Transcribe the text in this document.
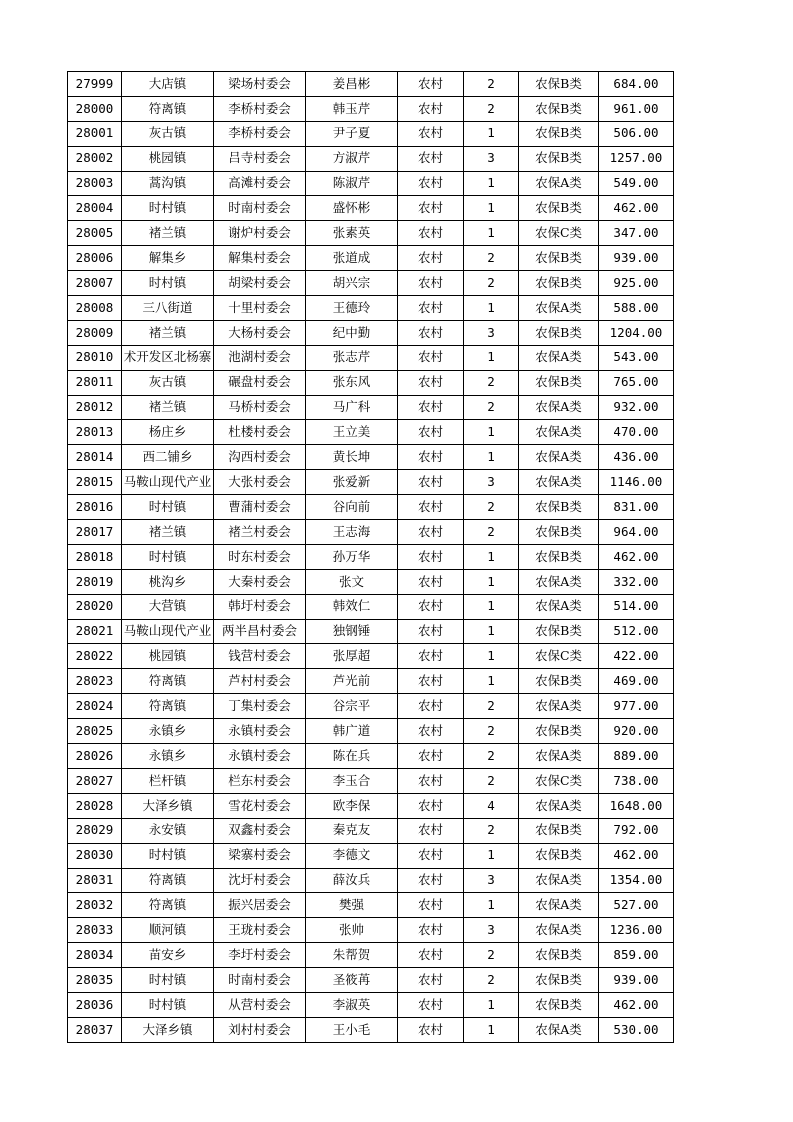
27999	大店镇	梁场村委会	姜昌彬	农村	2	农保B类	684.00
28000	符离镇	李桥村委会	韩玉芹	农村	2	农保B类	961.00
28001	灰古镇	李桥村委会	尹子夏	农村	1	农保B类	506.00
28002	桃园镇	吕寺村委会	方淑芹	农村	3	农保B类	1257.00
28003	蒿沟镇	高滩村委会	陈淑芹	农村	1	农保A类	549.00
28004	时村镇	时南村委会	盛怀彬	农村	1	农保B类	462.00
28005	褚兰镇	谢炉村委会	张素英	农村	1	农保C类	347.00
28006	解集乡	解集村委会	张道成	农村	2	农保B类	939.00
28007	时村镇	胡梁村委会	胡兴宗	农村	2	农保B类	925.00
28008	三八街道	十里村委会	王德玲	农村	1	农保A类	588.00
28009	褚兰镇	大杨村委会	纪中勤	农村	3	农保B类	1204.00
28010	术开发区北杨寨	池湖村委会	张志芹	农村	1	农保A类	543.00
28011	灰古镇	碾盘村委会	张东风	农村	2	农保B类	765.00
28012	褚兰镇	马桥村委会	马广科	农村	2	农保A类	932.00
28013	杨庄乡	杜楼村委会	王立美	农村	1	农保A类	470.00
28014	西二铺乡	沟西村委会	黄长坤	农村	1	农保A类	436.00
28015	马鞍山现代产业	大张村委会	张爱新	农村	3	农保A类	1146.00
28016	时村镇	曹蒲村委会	谷向前	农村	2	农保B类	831.00
28017	褚兰镇	褚兰村委会	王志海	农村	2	农保B类	964.00
28018	时村镇	时东村委会	孙万华	农村	1	农保B类	462.00
28019	桃沟乡	大秦村委会	张文	农村	1	农保A类	332.00
28020	大营镇	韩圩村委会	韩效仁	农村	1	农保A类	514.00
28021	马鞍山现代产业	两半昌村委会	独钢锤	农村	1	农保B类	512.00
28022	桃园镇	钱营村委会	张厚超	农村	1	农保C类	422.00
28023	符离镇	芦村村委会	芦光前	农村	1	农保B类	469.00
28024	符离镇	丁集村委会	谷宗平	农村	2	农保A类	977.00
28025	永镇乡	永镇村委会	韩广道	农村	2	农保B类	920.00
28026	永镇乡	永镇村委会	陈在兵	农村	2	农保A类	889.00
28027	栏杆镇	栏东村委会	李玉合	农村	2	农保C类	738.00
28028	大泽乡镇	雪花村委会	欧李保	农村	4	农保A类	1648.00
28029	永安镇	双鑫村委会	秦克友	农村	2	农保B类	792.00
28030	时村镇	梁寨村委会	李德文	农村	1	农保B类	462.00
28031	符离镇	沈圩村委会	薛汝兵	农村	3	农保A类	1354.00
28032	符离镇	振兴居委会	樊强	农村	1	农保A类	527.00
28033	顺河镇	王珑村委会	张帅	农村	3	农保A类	1236.00
28034	苗安乡	李圩村委会	朱帮贺	农村	2	农保B类	859.00
28035	时村镇	时南村委会	圣筱苒	农村	2	农保B类	939.00
28036	时村镇	从营村委会	李淑英	农村	1	农保B类	462.00
28037	大泽乡镇	刘村村委会	王小毛	农村	1	农保A类	530.00
